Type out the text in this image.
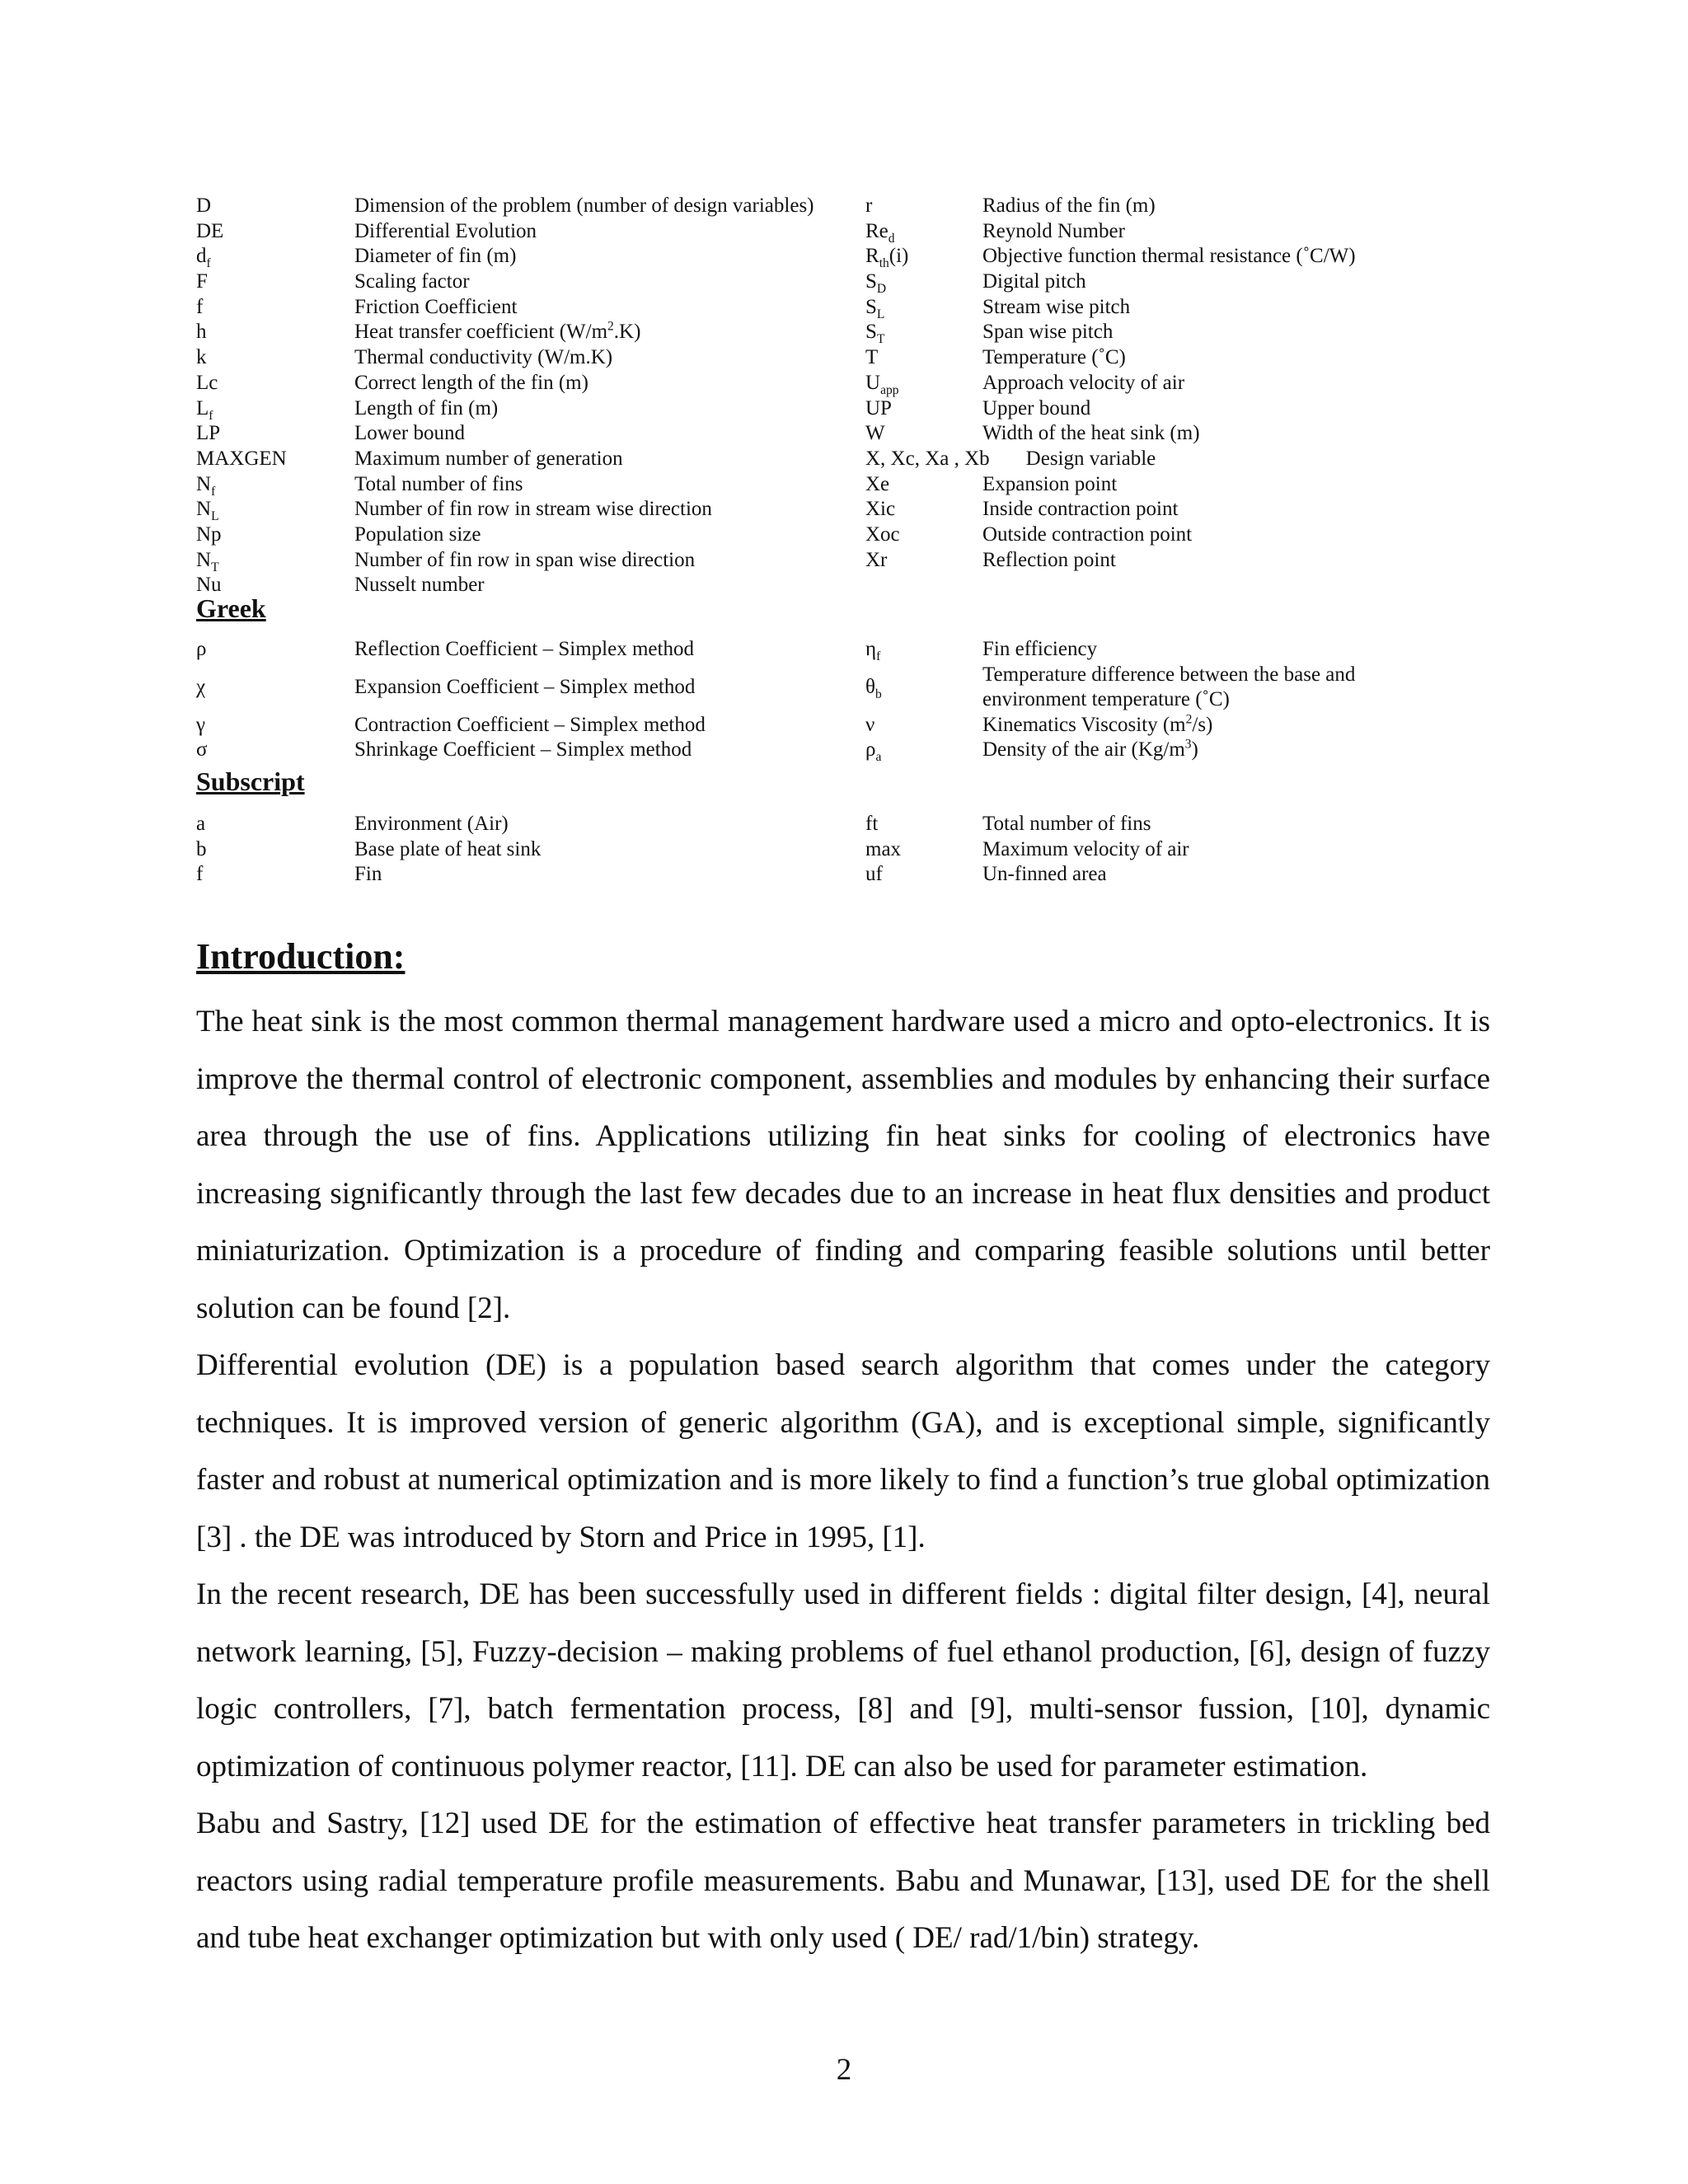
D	Dimension of the problem (number of design variables)	r	Radius of the fin (m)
DE	Differential Evolution	$Re_d$	Reynold Number
$d_f$	Diameter of fin (m)	$R_{th}(i)$	Objective function thermal resistance (˚C/W)
F	Scaling factor	$S_D$	Digital pitch
f	Friction Coefficient	$S_L$	Stream wise pitch
h	Heat transfer coefficient $(W/m^2.K)$	$S_T$	Span wise pitch
k	Thermal conductivity (W/m.K)	T	Temperature (˚C)
Lc	Correct length of the fin (m)	$U_{app}$	Approach velocity of air
$L_f$	Length of fin (m)	UP	Upper bound
LP	Lower bound	W	Width of the heat sink (m)
MAXGEN	Maximum number of generation	X, Xc, Xa , Xb Design variable
$N_f$	Total number of fins	Xe	Expansion point
$N_L$	Number of fin row in stream wise direction	Xic	Inside contraction point
Np	Population size	Xoc	Outside contraction point
$N_T$	Number of fin row in span wise direction	Xr	Reflection point
Nu	Nusselt number
Greek
ρ	Reflection Coefficient – Simplex method	$\eta_f$	Fin efficiency
χ	Expansion Coefficient – Simplex method	$\theta_b$
Temperature difference between the base and environment temperature (˚C)
γ	Contraction Coefficient – Simplex method	ν	Kinematics Viscosity $(m^2/s)$
σ	Shrinkage Coefficient – Simplex method	$\rho_a$	Density of the air $(Kg/m^3)$
Subscript
a	Environment (Air)	ft	Total number of fins
b	Base plate of heat sink	max	Maximum velocity of air
f	Fin	uf	Un-finned area
Introduction:

The heat sink is the most common thermal management hardware used a micro and opto-electronics. It is improve the thermal control of electronic component, assemblies and modules by enhancing their surface area through the use of fins. Applications utilizing fin heat sinks for cooling of electronics have increasing significantly through the last few decades due to an increase in heat flux densities and product miniaturization. Optimization is a procedure of finding and comparing feasible solutions until better solution can be found [2].

Differential evolution (DE) is a population based search algorithm that comes under the category techniques. It is improved version of generic algorithm (GA), and is exceptional simple, significantly faster and robust at numerical optimization and is more likely to find a function’s true global optimization [3] . the DE was introduced by Storn and Price in 1995, [1].

In the recent research, DE has been successfully used in different fields : digital filter design, [4], neural network learning, [5], Fuzzy-decision – making problems of fuel ethanol production, [6], design of fuzzy logic controllers, [7], batch fermentation process, [8] and [9], multi-sensor fussion, [10], dynamic optimization of continuous polymer reactor, [11]. DE can also be used for parameter estimation.

Babu and Sastry, [12] used DE for the estimation of effective heat transfer parameters in trickling bed reactors using radial temperature profile measurements. Babu and Munawar, [13], used DE for the shell and tube heat exchanger optimization but with only used ( DE/ rad/1/bin) strategy.

2
